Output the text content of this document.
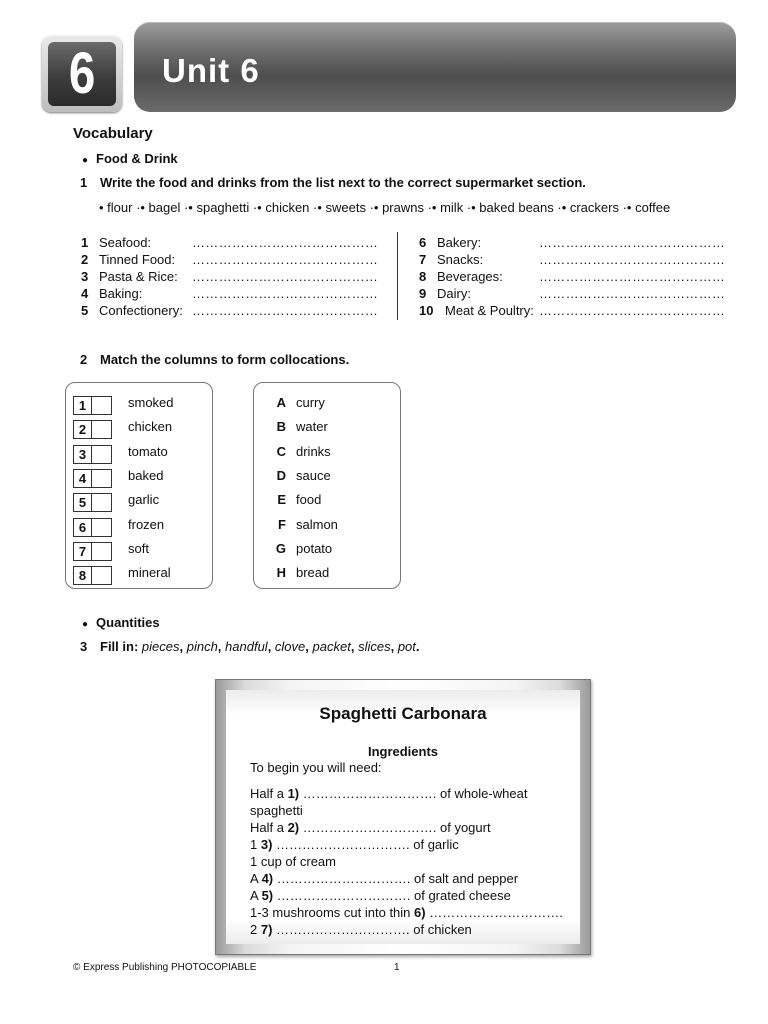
6 Unit 6
Vocabulary
● Food & Drink
1 Write the food and drinks from the list next to the correct supermarket section.
• flour ·• bagel ·• spaghetti ·• chicken ·• sweets ·• prawns ·• milk ·• baked beans ·• crackers ·• coffee
1 Seafood:	……………………………………
2 Tinned Food: ……………………………………
3 Pasta & Rice: ……………………………………
4 Baking:	……………………………………
5 Confectionery: ……………………………………
6 Bakery:	……………………………………
7 Snacks:	……………………………………
8 Beverages:	……………………………………
9 Dairy:	……………………………………
10 Meat & Poultry: ……………………………………
2 Match the columns to form collocations.
1	smoked
2	chicken
3	tomato
4	baked
5	garlic
6	frozen
7	soft
8	mineral
A curry
B water
C drinks
D sauce
E food
F salmon
G potato
H bread
● Quantities
3 Fill in: pieces, pinch, handful, clove, packet, slices, pot.
Spaghetti Carbonara
Ingredients
To begin you will need:
Half a 1) …………………………. of whole-wheat
spaghetti
Half a 2) …………………………. of yogurt
1 3) …………………………. of garlic
1 cup of cream
A 4) …………………………. of salt and pepper
A 5) …………………………. of grated cheese
1-3 mushrooms cut into thin 6) ………………………….
2 7) …………………………. of chicken
© Express Publishing PHOTOCOPIABLE	1
